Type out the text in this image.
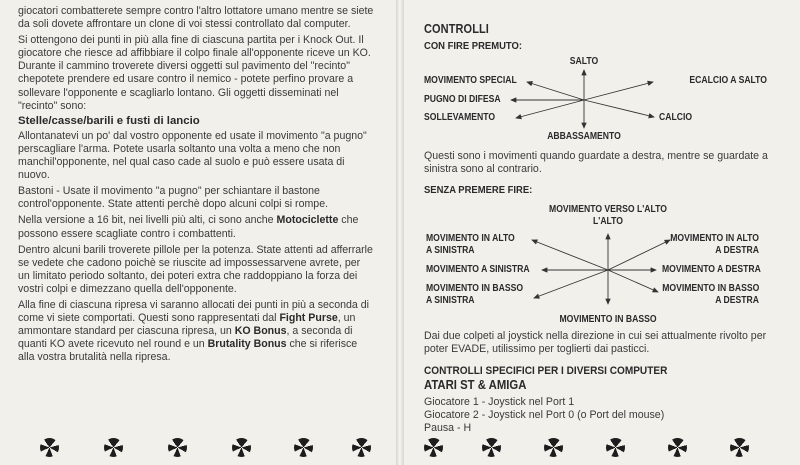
giocatori combatterete sempre contro l'altro lottatore umano mentre se siete da soli dovete affrontare un clone di voi stessi controllato dal computer.

Si ottengono dei punti in più alla fine di ciascuna partita per i Knock Out. Il giocatore che riesce ad affibbiare il colpo finale all'opponente riceve un KO.

Durante il cammino troverete diversi oggetti sul pavimento del "recinto" chepotete prendere ed usare contro il nemico - potete perfino provare a sollevare l'opponente e scagliarlo lontano. Gli oggetti disseminati nel "recinto" sono:

Stelle/casse/barili e fusti di lancio

Allontanatevi un po' dal vostro opponente ed usate il movimento "a pugno" perscagliare l'arma. Potete usarla soltanto una volta a meno che non manchil'opponente, nel qual caso cade al suolo e può essere usata di nuovo.

Bastoni - Usate il movimento "a pugno" per schiantare il bastone control'opponente. State attenti perchè dopo alcuni colpi si rompe.

Nella versione a 16 bit, nei livelli più alti, ci sono anche Motociclette che possono essere scagliate contro i combattenti.

Dentro alcuni barili troverete pillole per la potenza. State attenti ad afferrarle se vedete che cadono poichè se riuscite ad impossessarvene avrete, per un limitato periodo soltanto, dei poteri extra che raddoppiano la forza dei vostri colpi e dimezzano quella dell'opponente.

Alla fine di ciascuna ripresa vi saranno allocati dei punti in più a seconda di come vi siete comportati. Questi sono rappresentati dal Fight Purse, un ammontare standard per ciascuna ripresa, un KO Bonus, a seconda di quanti KO avete ricevuto nel round e un Brutality Bonus che si riferisce alla vostra brutalità nella ripresa.

CONTROLLI
CON FIRE PREMUTO:
SALTO
MOVIMENTO SPECIAL	ECALCIO A SALTO
PUGNO DI DIFESA
SOLLEVAMENTO	CALCIO
ABBASSAMENTO
Questi sono i movimenti quando guardate a destra, mentre se guardate a sinistra sono al contrario.
SENZA PREMERE FIRE:
MOVIMENTO VERSO L'ALTO
L'ALTO
MOVIMENTO IN ALTO
A SINISTRA
MOVIMENTO IN ALTO
A DESTRA
MOVIMENTO A SINISTRA	MOVIMENTO A DESTRA
MOVIMENTO IN BASSO
A SINISTRA
MOVIMENTO IN BASSO
A DESTRA
MOVIMENTO IN BASSO
Dai due colpeti al joystick nella direzione in cui sei attualmente rivolto per poter EVADE, utilissimo per toglierti dai pasticci.
CONTROLLI SPECIFICI PER I DIVERSI COMPUTER
ATARI ST & AMIGA
Giocatore 1 - Joystick nel Port 1
Giocatore 2 - Joystick nel Port 0 (o Port del mouse)
Pausa - H
